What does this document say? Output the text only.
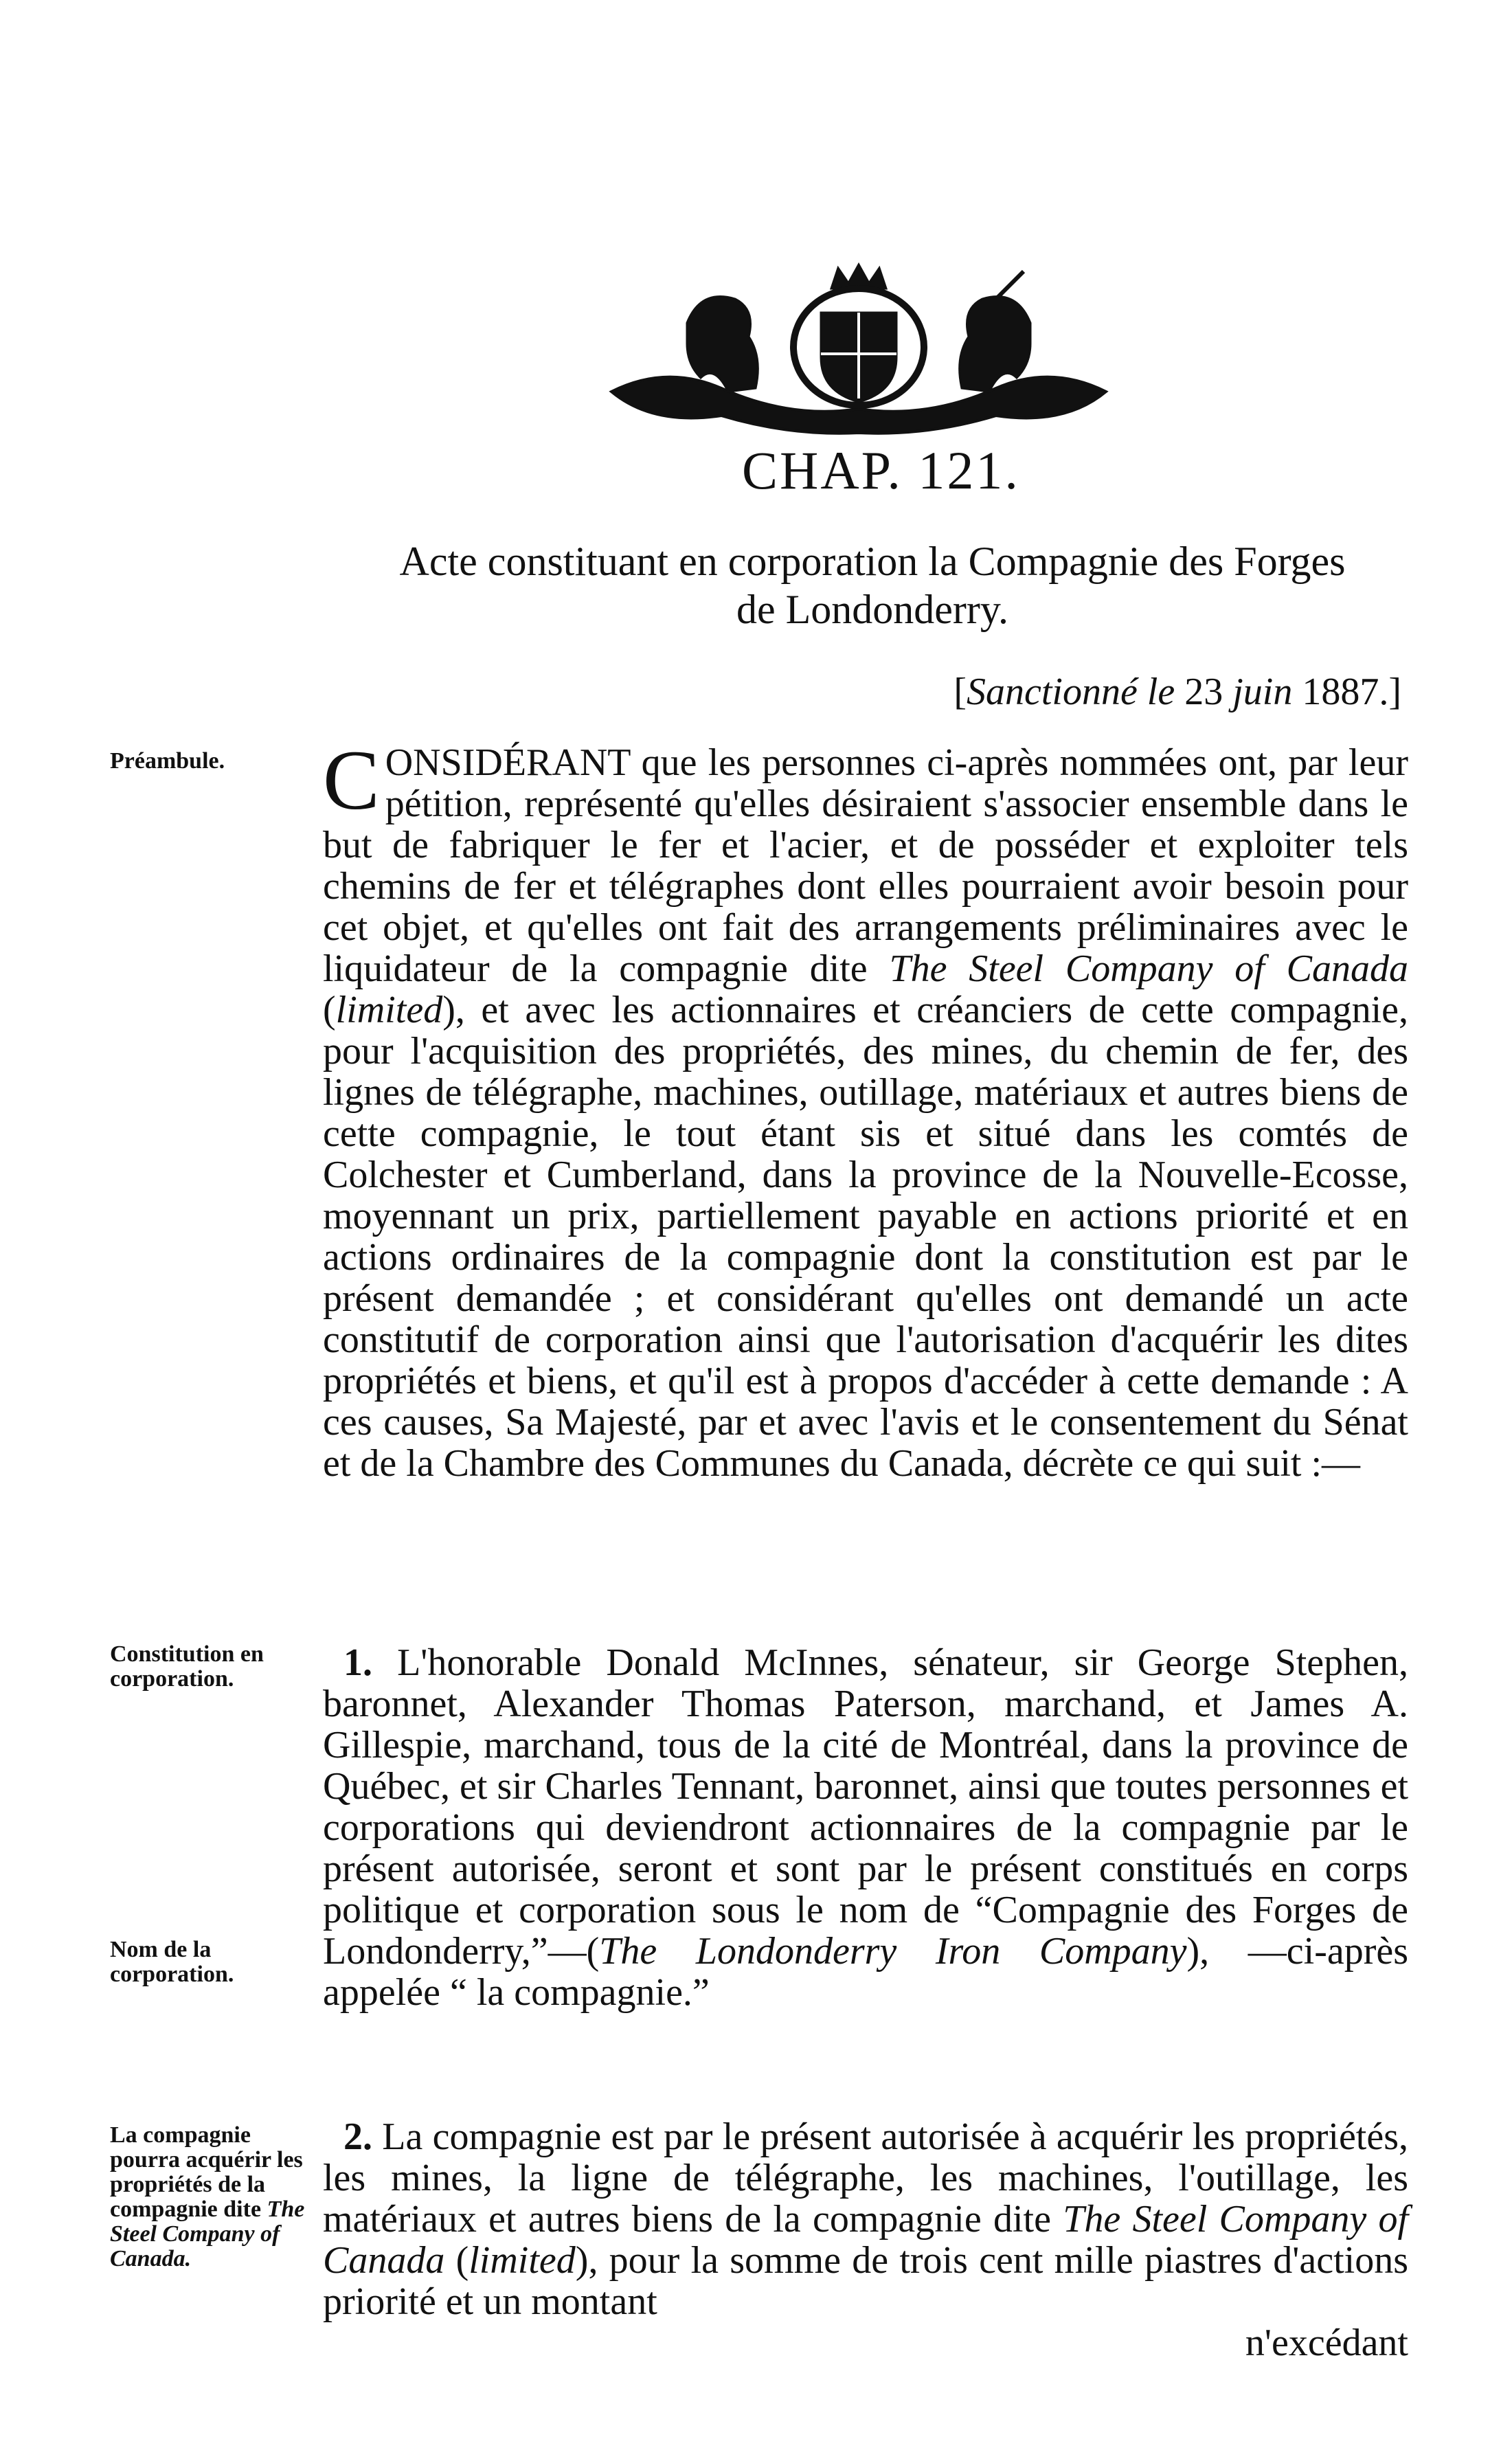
CHAP. 121.
Acte constituant en corporation la Compagnie des Forges
de Londonderry.
[Sanctionné le 23 juin 1887.]
Préambule.
Constitution en corporation.
Nom de la corporation.
La compagnie pourra acquérir les propriétés de la compagnie dite The Steel Company of Canada.
CONSIDÉRANT que les personnes ci-après nommées ont, par leur pétition, représenté qu'elles désiraient s'associer ensemble dans le but de fabriquer le fer et l'acier, et de posséder et exploiter tels chemins de fer et télégraphes dont elles pourraient avoir besoin pour cet objet, et qu'elles ont fait des arrangements préliminaires avec le liquidateur de la compagnie dite The Steel Company of Canada (limited), et avec les actionnaires et créanciers de cette compagnie, pour l'acquisition des propriétés, des mines, du chemin de fer, des lignes de télégraphe, machines, outillage, matériaux et autres biens de cette compagnie, le tout étant sis et situé dans les comtés de Colchester et Cumberland, dans la province de la Nouvelle-Ecosse, moyennant un prix, partiellement payable en actions priorité et en actions ordinaires de la compagnie dont la constitution est par le présent demandée ; et considérant qu'elles ont demandé un acte constitutif de corporation ainsi que l'autorisation d'acquérir les dites propriétés et biens, et qu'il est à propos d'accéder à cette demande : A ces causes, Sa Majesté, par et avec l'avis et le consentement du Sénat et de la Chambre des Communes du Canada, décrète ce qui suit :—
1. L'honorable Donald McInnes, sénateur, sir George Stephen, baronnet, Alexander Thomas Paterson, marchand, et James A. Gillespie, marchand, tous de la cité de Montréal, dans la province de Québec, et sir Charles Tennant, baronnet, ainsi que toutes personnes et corporations qui deviendront actionnaires de la compagnie par le présent autorisée, seront et sont par le présent constitués en corps politique et corporation sous le nom de “Compagnie des Forges de Londonderry,”—(The Londonderry Iron Company), —ci-après appelée “ la compagnie.”
2. La compagnie est par le présent autorisée à acquérir les propriétés, les mines, la ligne de télégraphe, les machines, l'outillage, les matériaux et autres biens de la compagnie dite The Steel Company of Canada (limited), pour la somme de trois cent mille piastres d'actions priorité et un montant
n'excédant
